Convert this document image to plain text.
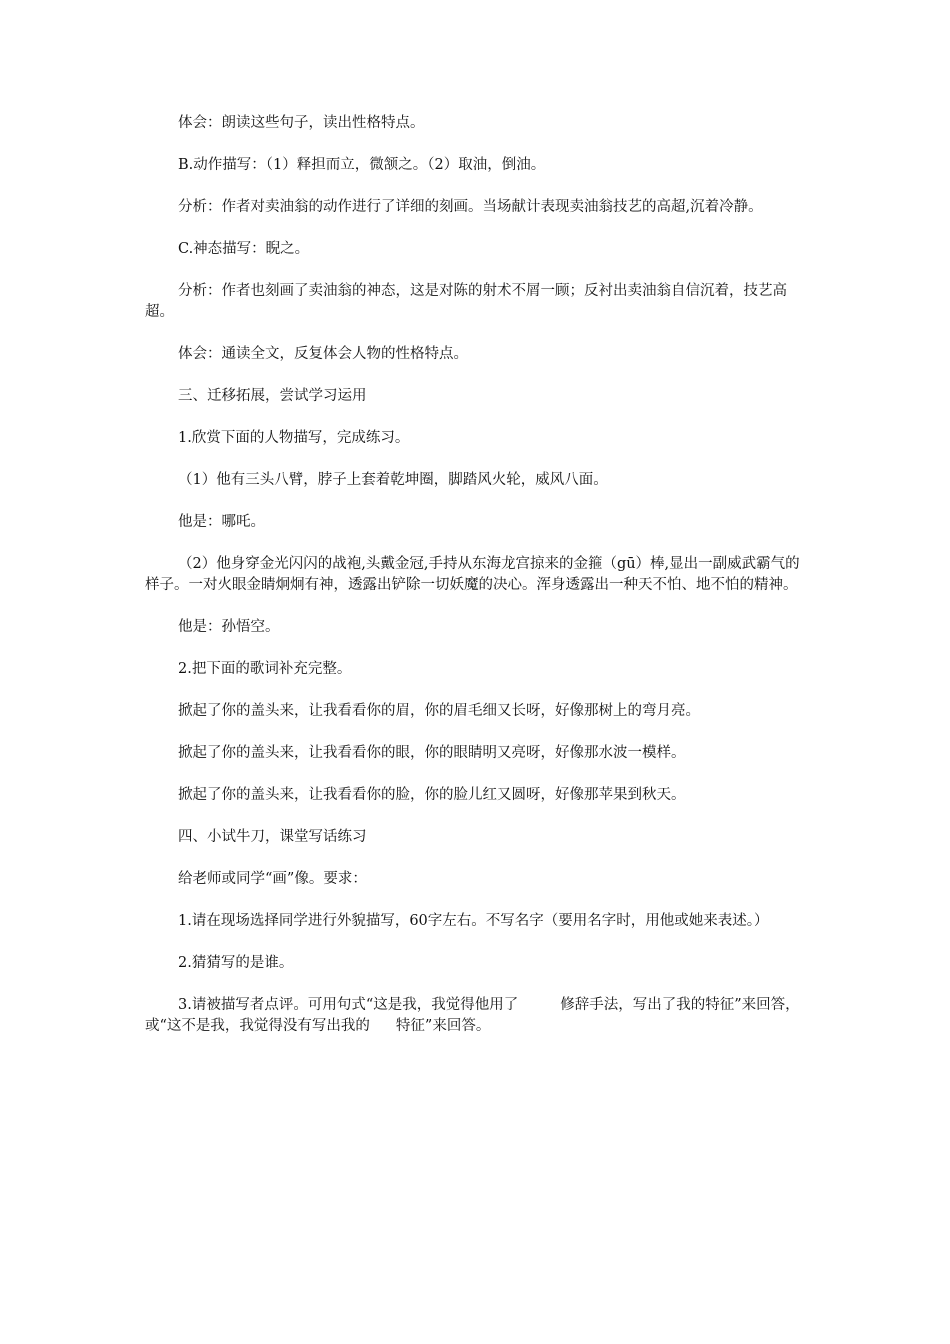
体会：朗读这些句子，读出性格特点。

B.动作描写：（1）释担而立，微颔之。（2）取油，倒油。

分析：作者对卖油翁的动作进行了详细的刻画。当场献计表现卖油翁技艺的高超,沉着冷静。

C.神态描写：睨之。

分析：作者也刻画了卖油翁的神态，这是对陈的射术不屑一顾；反衬出卖油翁自信沉着，技艺高超。

体会：通读全文，反复体会人物的性格特点。

三、迁移拓展，尝试学习运用

1.欣赏下面的人物描写，完成练习。

（1）他有三头八臂，脖子上套着乾坤圈，脚踏风火轮，威风八面。

他是：哪吒。

（2）他身穿金光闪闪的战袍,头戴金冠,手持从东海龙宫掠来的金箍（gū）棒,显出一副威武霸气的样子。一对火眼金睛炯炯有神，透露出铲除一切妖魔的决心。浑身透露出一种天不怕、地不怕的精神。

他是：孙悟空。

2.把下面的歌词补充完整。

掀起了你的盖头来，让我看看你的眉，你的眉毛细又长呀，好像那树上的弯月亮。

掀起了你的盖头来，让我看看你的眼，你的眼睛明又亮呀，好像那水波一模样。

掀起了你的盖头来，让我看看你的脸，你的脸儿红又圆呀，好像那苹果到秋天。

四、小试牛刀，课堂写话练习

给老师或同学“画”像。要求：

1.请在现场选择同学进行外貌描写，60字左右。不写名字（要用名字时，用他或她来表述。）

2.猜猜写的是谁。

3.请被描写者点评。可用句式“这是我，我觉得他用了	修辞手法，写出了我的特征”来回答，或“这不是我，我觉得没有写出我的 特征”来回答。
